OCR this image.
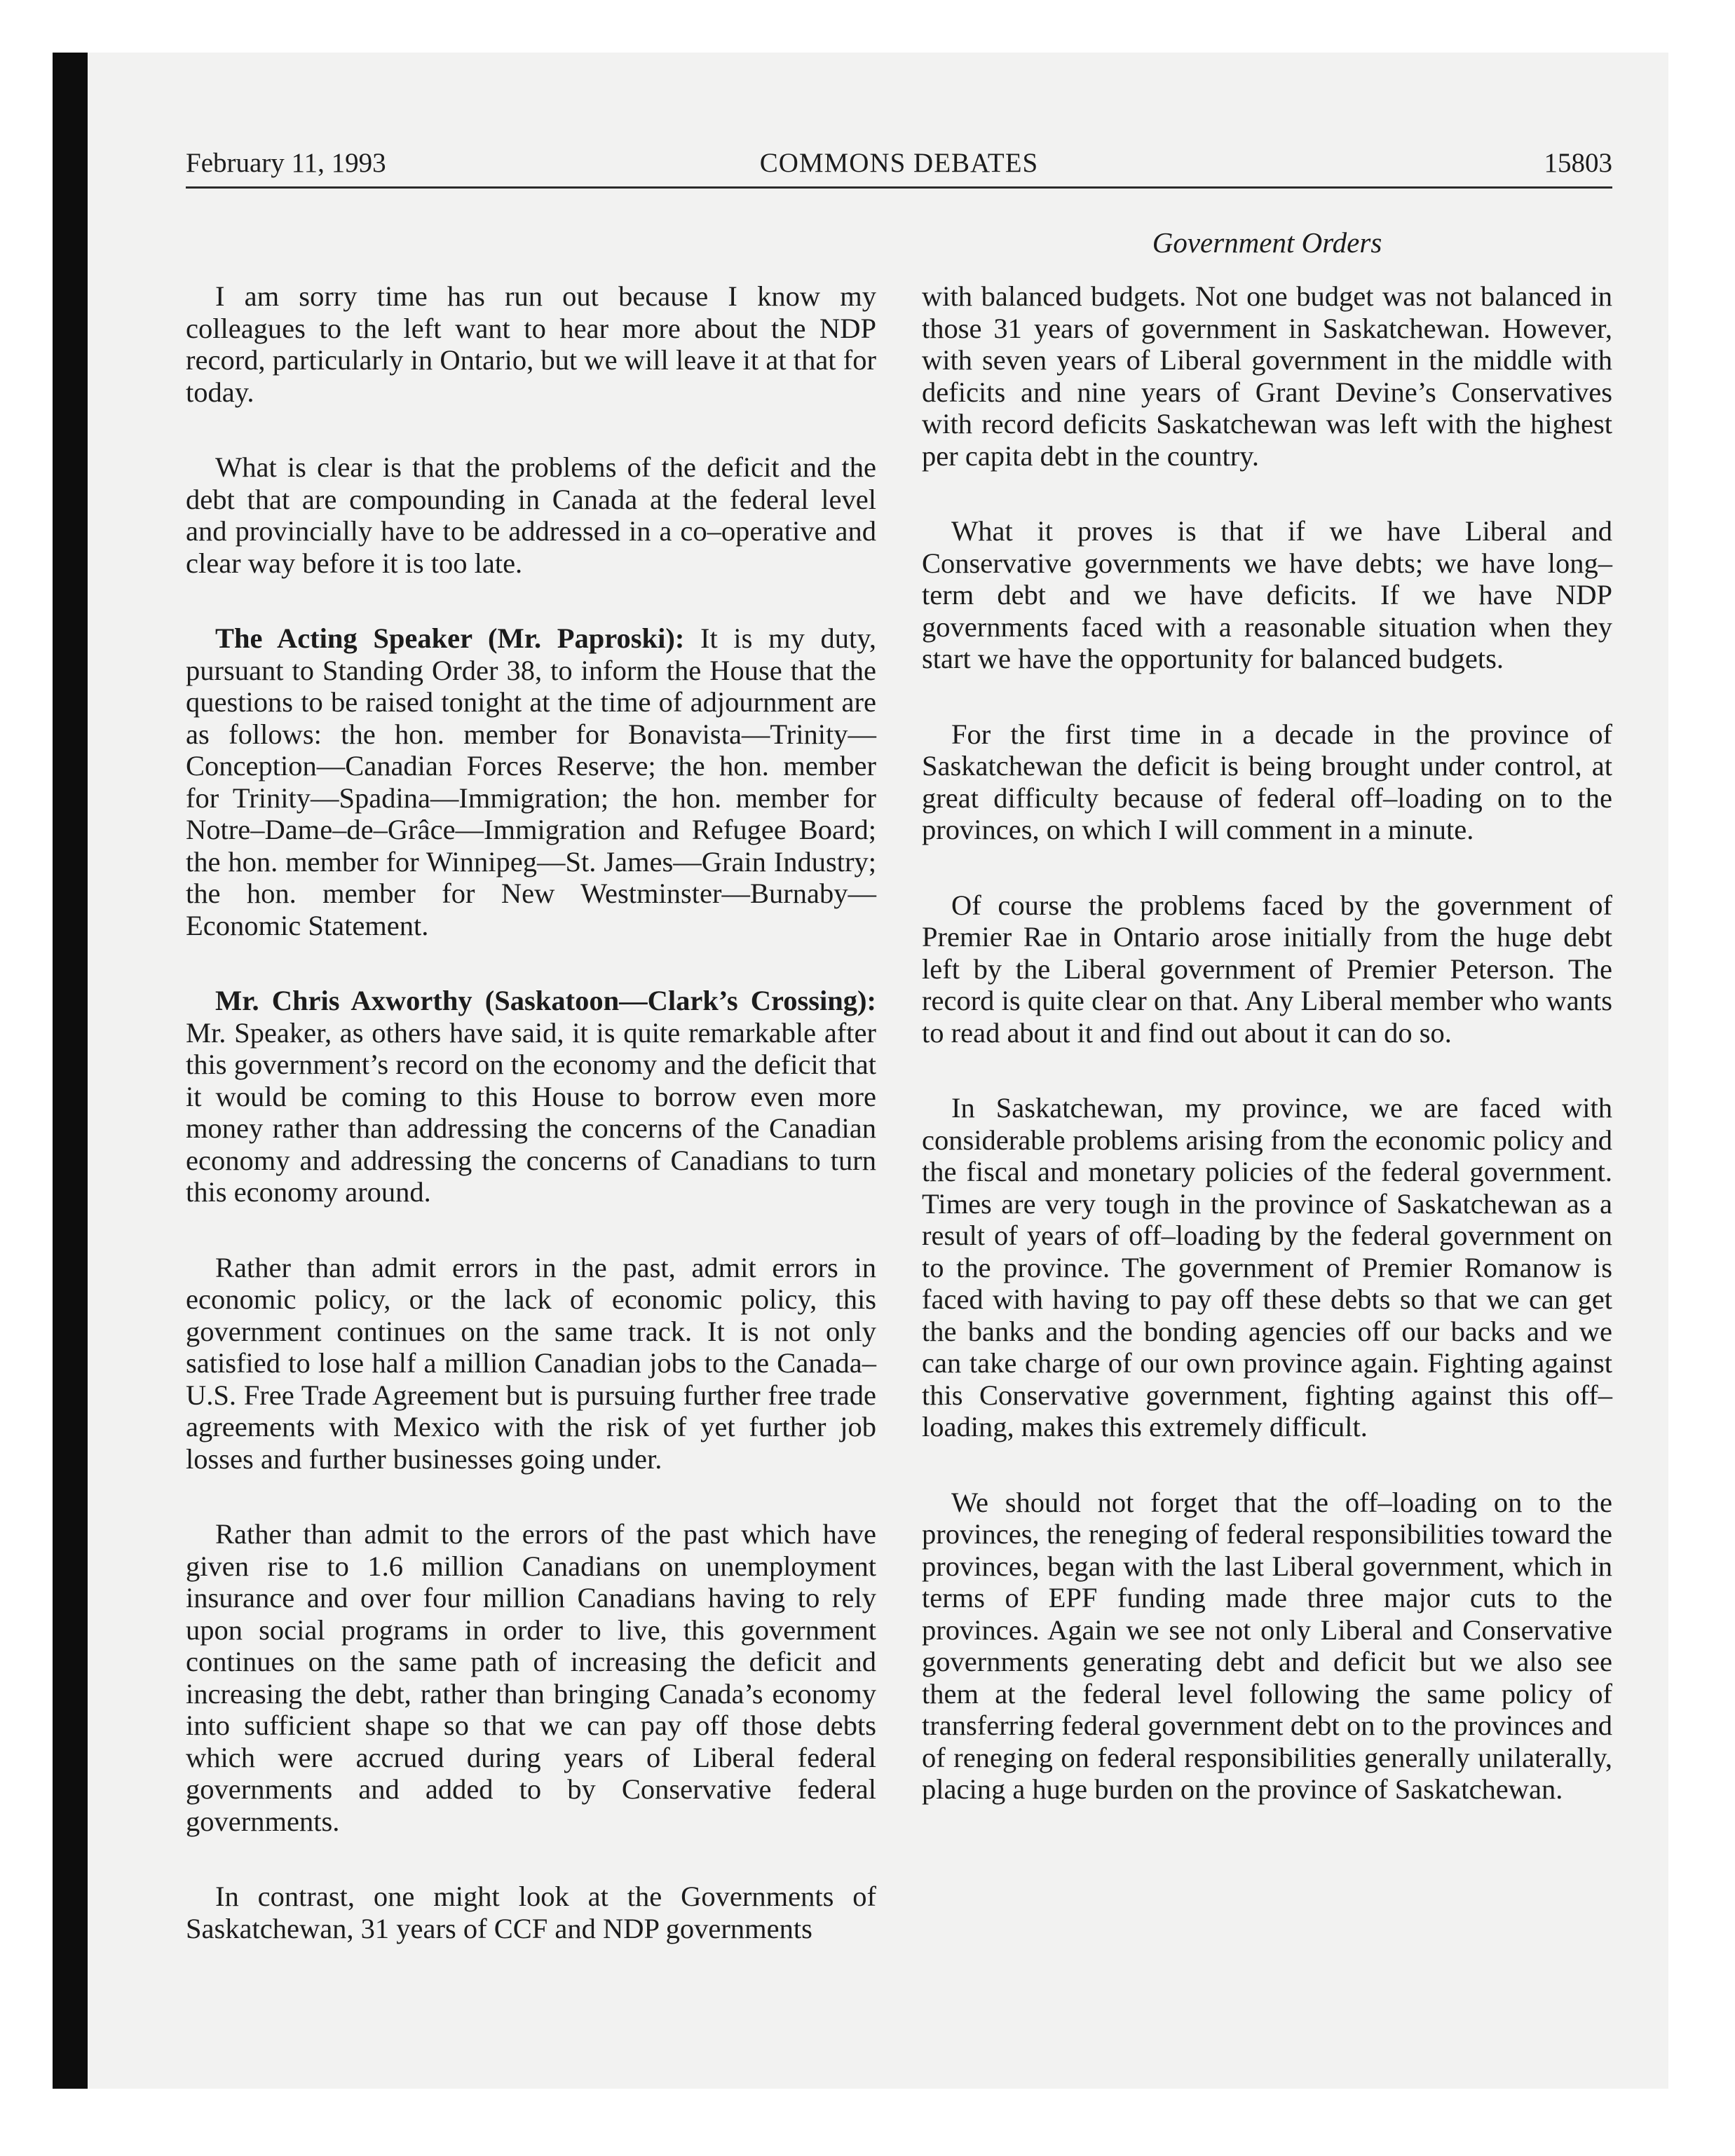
February 11, 1993	COMMONS DEBATES	15803
Government Orders

I am sorry time has run out because I know my colleagues to the left want to hear more about the NDP record, particularly in Ontario, but we will leave it at that for today.

What is clear is that the problems of the deficit and the debt that are compounding in Canada at the federal level and provincially have to be addressed in a co–operative and clear way before it is too late.

The Acting Speaker (Mr. Paproski): It is my duty, pursuant to Standing Order 38, to inform the House that the questions to be raised tonight at the time of adjournment are as follows: the hon. member for Bonavista—Trinity—Conception—Canadian Forces Reserve; the hon. member for Trinity—Spadina—Immigration; the hon. member for Notre–Dame–de–Grâce—Immigration and Refugee Board; the hon. member for Winnipeg—St. James—Grain Industry; the hon. member for New Westminster—Burnaby—Economic Statement.

Mr. Chris Axworthy (Saskatoon—Clark’s Crossing): Mr. Speaker, as others have said, it is quite remarkable after this government’s record on the economy and the deficit that it would be coming to this House to borrow even more money rather than addressing the concerns of the Canadian economy and addressing the concerns of Canadians to turn this economy around.

Rather than admit errors in the past, admit errors in economic policy, or the lack of economic policy, this government continues on the same track. It is not only satisfied to lose half a million Canadian jobs to the Canada–U.S. Free Trade Agreement but is pursuing further free trade agreements with Mexico with the risk of yet further job losses and further businesses going under.

Rather than admit to the errors of the past which have given rise to 1.6 million Canadians on unemployment insurance and over four million Canadians having to rely upon social programs in order to live, this government continues on the same path of increasing the deficit and increasing the debt, rather than bringing Canada’s economy into sufficient shape so that we can pay off those debts which were accrued during years of Liberal federal governments and added to by Conservative federal governments.

In contrast, one might look at the Governments of Saskatchewan, 31 years of CCF and NDP governments

with balanced budgets. Not one budget was not balanced in those 31 years of government in Saskatchewan. However, with seven years of Liberal government in the middle with deficits and nine years of Grant Devine’s Conservatives with record deficits Saskatchewan was left with the highest per capita debt in the country.

What it proves is that if we have Liberal and Conservative governments we have debts; we have long–term debt and we have deficits. If we have NDP governments faced with a reasonable situation when they start we have the opportunity for balanced budgets.

For the first time in a decade in the province of Saskatchewan the deficit is being brought under control, at great difficulty because of federal off–loading on to the provinces, on which I will comment in a minute.

Of course the problems faced by the government of Premier Rae in Ontario arose initially from the huge debt left by the Liberal government of Premier Peterson. The record is quite clear on that. Any Liberal member who wants to read about it and find out about it can do so.

In Saskatchewan, my province, we are faced with considerable problems arising from the economic policy and the fiscal and monetary policies of the federal government. Times are very tough in the province of Saskatchewan as a result of years of off–loading by the federal government on to the province. The government of Premier Romanow is faced with having to pay off these debts so that we can get the banks and the bonding agencies off our backs and we can take charge of our own province again. Fighting against this Conservative government, fighting against this off–loading, makes this extremely difficult.

We should not forget that the off–loading on to the provinces, the reneging of federal responsibilities toward the provinces, began with the last Liberal government, which in terms of EPF funding made three major cuts to the provinces. Again we see not only Liberal and Conservative governments generating debt and deficit but we also see them at the federal level following the same policy of transferring federal government debt on to the provinces and of reneging on federal responsibilities generally unilaterally, placing a huge burden on the province of Saskatchewan.
